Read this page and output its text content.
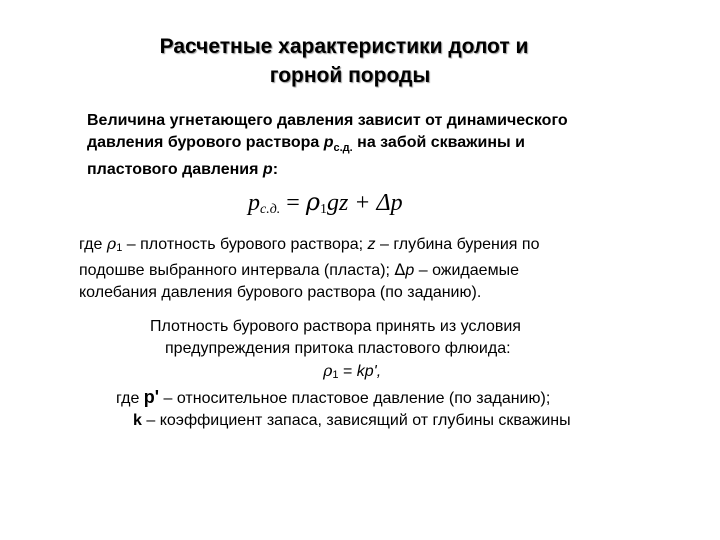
Расчетные характеристики долот и
горной породы
Величина угнетающего давления зависит от динамического
давления бурового раствора $р_{с.д.}$ на забой скважины и
пластового давления р:
$p_{с.д.} = \rho_1gz + \Delta p$
где $\rho_1$ – плотность бурового раствора; z – глубина бурения по
подошве выбранного интервала (пласта); Δp – ожидаемые
колебания давления бурового раствора (по заданию).
Плотность бурового раствора принять из условия
предупреждения притока пластового флюида:
$\rho_1 = kp'$,
где р' – относительное пластовое давление (по заданию);
k – коэффициент запаса, зависящий от глубины скважины
